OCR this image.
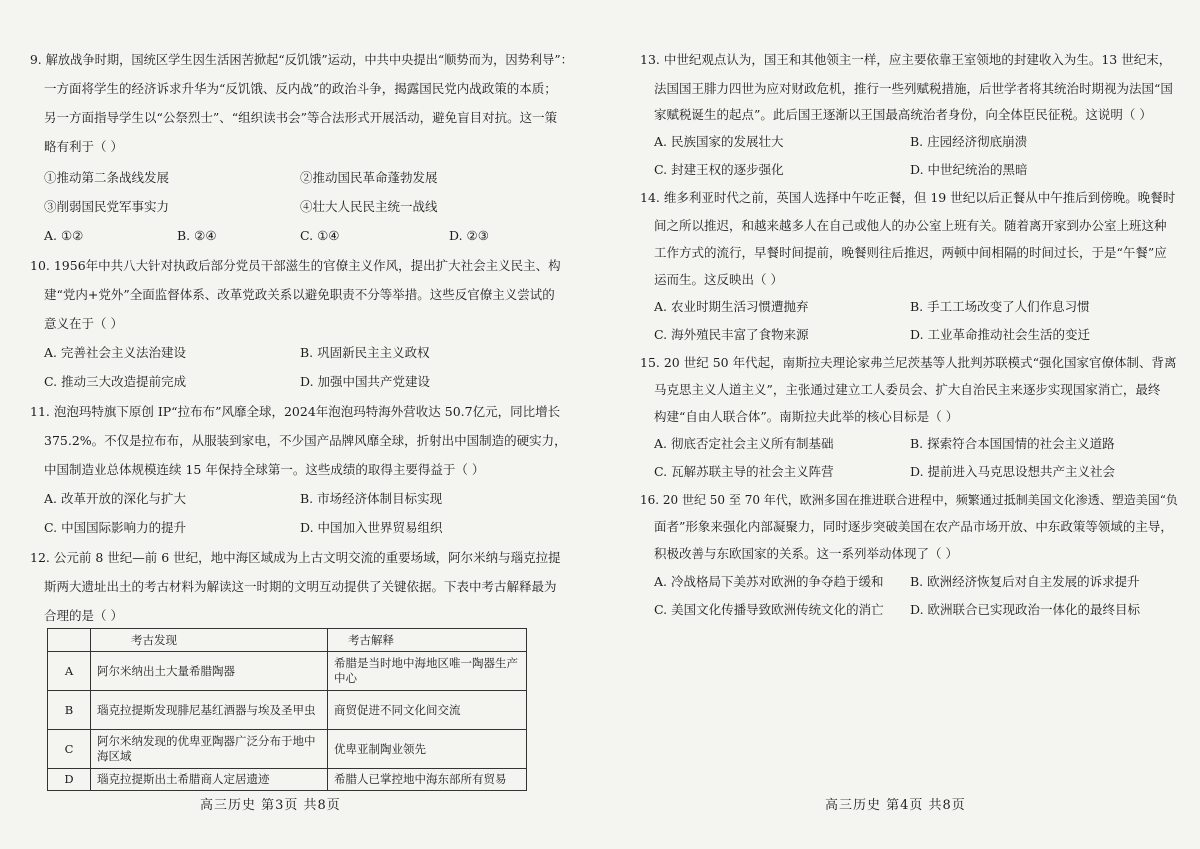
9. 解放战争时期，国统区学生因生活困苦掀起“反饥饿”运动，中共中央提出“顺势而为，因势利导”：
一方面将学生的经济诉求升华为“反饥饿、反内战”的政治斗争，揭露国民党内战政策的本质；
另一方面指导学生以“公祭烈士”、“组织读书会”等合法形式开展活动，避免盲目对抗。这一策
略有利于（ ）
①推动第二条战线发展	②推动国民革命蓬勃发展
③削弱国民党军事实力	④壮大人民民主统一战线
A. ①②	B. ②④	C. ①④	D. ②③
10. 1956年中共八大针对执政后部分党员干部滋生的官僚主义作风，提出扩大社会主义民主、构
建“党内+党外”全面监督体系、改革党政关系以避免职责不分等举措。这些反官僚主义尝试的
意义在于（ ）
A. 完善社会主义法治建设	B. 巩固新民主主义政权
C. 推动三大改造提前完成	D. 加强中国共产党建设
11. 泡泡玛特旗下原创 IP“拉布布”风靡全球，2024年泡泡玛特海外营收达 50.7亿元，同比增长
375.2%。不仅是拉布布，从服装到家电，不少国产品牌风靡全球，折射出中国制造的硬实力，
中国制造业总体规模连续 15 年保持全球第一。这些成绩的取得主要得益于（ ）
A. 改革开放的深化与扩大	B. 市场经济体制目标实现
C. 中国国际影响力的提升	D. 中国加入世界贸易组织
12. 公元前 8 世纪—前 6 世纪，地中海区域成为上古文明交流的重要场域，阿尔米纳与瑙克拉提
斯两大遗址出土的考古材料为解读这一时期的文明互动提供了关键依据。下表中考古解释最为
合理的是（ ）
	考古发现	考古解释
A	阿尔米纳出土大量希腊陶器	希腊是当时地中海地区唯一陶器生产中心
B	瑙克拉提斯发现腓尼基红酒器与埃及圣甲虫	商贸促进不同文化间交流
C	阿尔米纳发现的优卑亚陶器广泛分布于地中海区域	优卑亚制陶业领先
D	瑙克拉提斯出土希腊商人定居遗迹	希腊人已掌控地中海东部所有贸易
高三历史 第3页 共8页
13. 中世纪观点认为，国王和其他领主一样，应主要依靠王室领地的封建收入为生。13 世纪末，
法国国王腓力四世为应对财政危机，推行一些列赋税措施，后世学者将其统治时期视为法国“国
家赋税诞生的起点”。此后国王逐渐以王国最高统治者身份，向全体臣民征税。这说明（ ）
A. 民族国家的发展壮大	B. 庄园经济彻底崩溃
C. 封建王权的逐步强化	D. 中世纪统治的黑暗
14. 维多利亚时代之前，英国人选择中午吃正餐，但 19 世纪以后正餐从中午推后到傍晚。晚餐时
间之所以推迟，和越来越多人在自己或他人的办公室上班有关。随着离开家到办公室上班这种
工作方式的流行，早餐时间提前，晚餐则往后推迟，两顿中间相隔的时间过长，于是“午餐”应
运而生。这反映出（ ）
A. 农业时期生活习惯遭抛弃	B. 手工工场改变了人们作息习惯
C. 海外殖民丰富了食物来源	D. 工业革命推动社会生活的变迁
15. 20 世纪 50 年代起，南斯拉夫理论家弗兰尼茨基等人批判苏联模式“强化国家官僚体制、背离
马克思主义人道主义”，主张通过建立工人委员会、扩大自治民主来逐步实现国家消亡，最终
构建“自由人联合体”。南斯拉夫此举的核心目标是（ ）
A. 彻底否定社会主义所有制基础	B. 探索符合本国国情的社会主义道路
C. 瓦解苏联主导的社会主义阵营	D. 提前进入马克思设想共产主义社会
16. 20 世纪 50 至 70 年代，欧洲多国在推进联合进程中，频繁通过抵制美国文化渗透、塑造美国“负
面者”形象来强化内部凝聚力，同时逐步突破美国在农产品市场开放、中东政策等领域的主导，
积极改善与东欧国家的关系。这一系列举动体现了（ ）
A. 冷战格局下美苏对欧洲的争夺趋于缓和 B. 欧洲经济恢复后对自主发展的诉求提升
C. 美国文化传播导致欧洲传统文化的消亡 D. 欧洲联合已实现政治一体化的最终目标
高三历史 第4页 共8页
